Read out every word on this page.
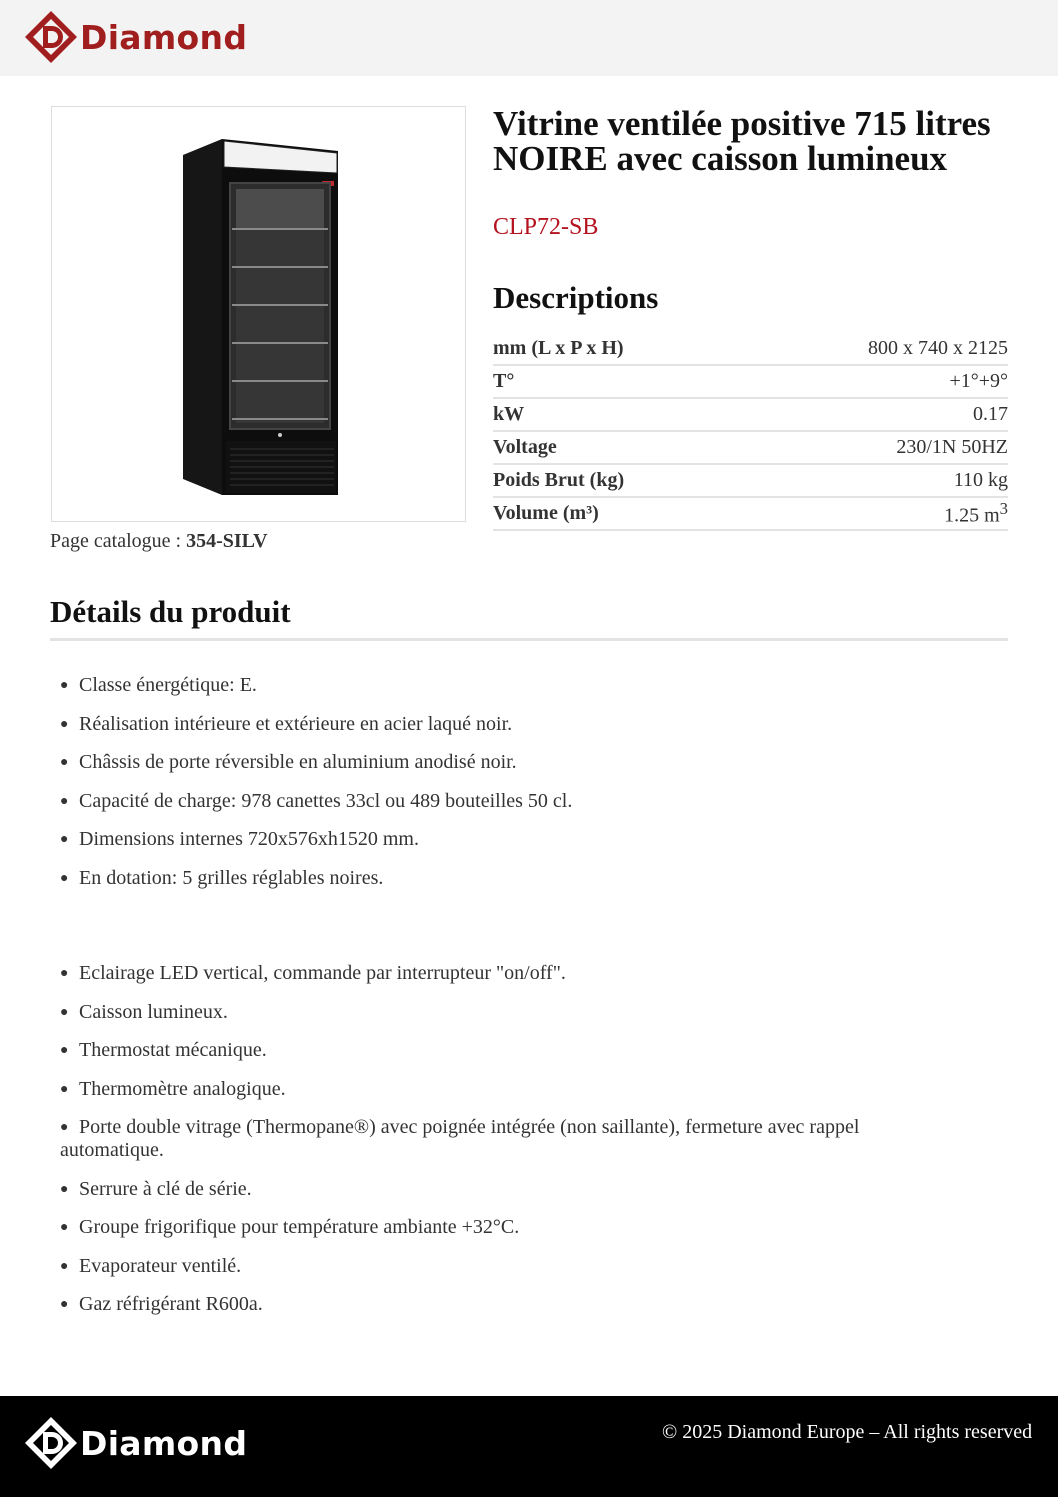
Diamond
Page catalogue : 354-SILV
Vitrine ventilée positive 715 litres NOIRE avec caisson lumineux
CLP72-SB
Descriptions
mm (L x P x H)	800 x 740 x 2125
T°	+1°+9°
kW	0.17
Voltage	230/1N 50HZ
Poids Brut (kg)	110 kg
Volume (m³)	1.25 $m^3$
Détails du produit
● Classe énergétique: E.
● Réalisation intérieure et extérieure en acier laqué noir.
● Châssis de porte réversible en aluminium anodisé noir.
● Capacité de charge: 978 canettes 33cl ou 489 bouteilles 50 cl.
● Dimensions internes 720x576xh1520 mm.
● En dotation: 5 grilles réglables noires.
● Eclairage LED vertical, commande par interrupteur "on/off".
● Caisson lumineux.
● Thermostat mécanique.
● Thermomètre analogique.
● Porte double vitrage (Thermopane®) avec poignée intégrée (non saillante), fermeture avec rappel automatique.
● Serrure à clé de série.
● Groupe frigorifique pour température ambiante +32°C.
● Evaporateur ventilé.
● Gaz réfrigérant R600a.
Diamond	© 2025 Diamond Europe – All rights reserved
